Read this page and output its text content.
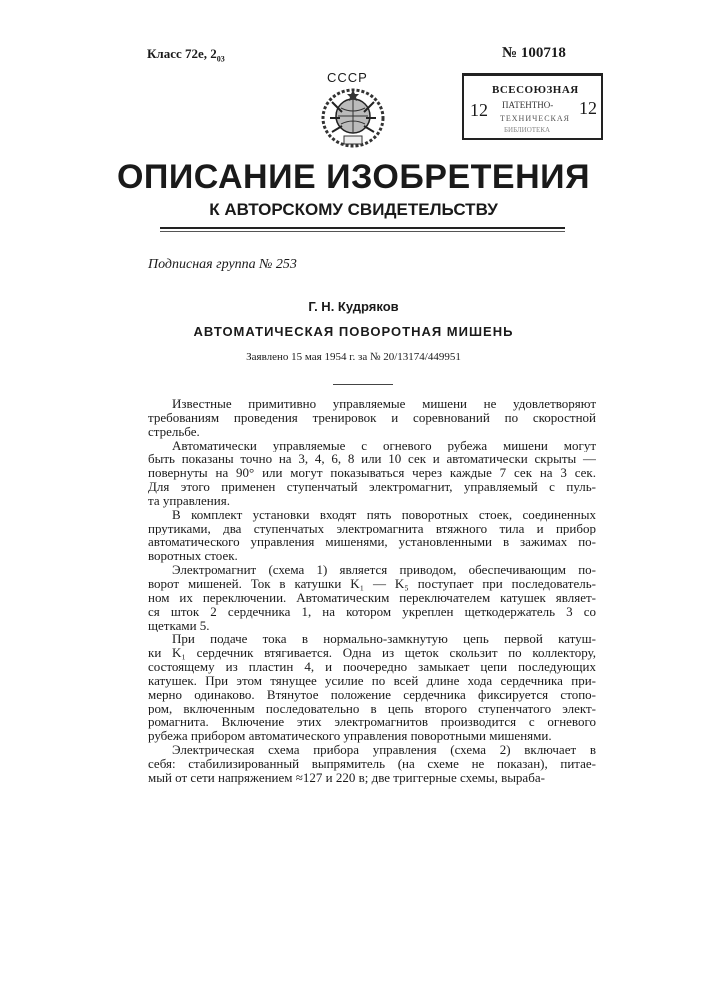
Класс 72е, 203	№ 100718
СССР
ВСЕСОЮЗНАЯ
ПАТЕНТНО-
ТЕХНИЧЕСКАЯ
БИБЛИОТЕКА
12	12
ОПИСАНИЕ ИЗОБРЕТЕНИЯ
К АВТОРСКОМУ СВИДЕТЕЛЬСТВУ
Подписная группа № 253
Г. Н. Кудряков
АВТОМАТИЧЕСКАЯ ПОВОРОТНАЯ МИШЕНЬ
Заявлено 15 мая 1954 г. за № 20/13174/449951
Известные примитивно управляемые мишени не удовлетворяют
требованиям проведения тренировок и соревнований по скоростной
стрельбе.
Автоматически управляемые с огневого рубежа мишени могут
быть показаны точно на 3, 4, 6, 8 или 10 сек и автоматически скрыты —
повернуты на 90° или могут показываться через каждые 7 сек на 3 сек.
Для этого применен ступенчатый электромагнит, управляемый с пуль-
та управления.
В комплект установки входят пять поворотных стоек, соединенных
прутиками, два ступенчатых электромагнита втяжного тила и прибор
автоматического управления мишенями, установленными в зажимах по-
воротных стоек.
Электромагнит (схема 1) является приводом, обеспечивающим по-
ворот мишеней. Ток в катушки K₁ — K₅ поступает при последователь-
ном их переключении. Автоматическим переключателем катушек являет-
ся шток 2 сердечника 1, на котором укреплен щеткодержатель 3 со
щетками 5.
При подаче тока в нормально-замкнутую цепь первой катуш-
ки K₁ сердечник втягивается. Одна из щеток скользит по коллектору,
состоящему из пластин 4, и поочередно замыкает цепи последующих
катушек. При этом тянущее усилие по всей длине хода сердечника при-
мерно одинаково. Втянутое положение сердечника фиксируется стопо-
ром, включенным последовательно в цепь второго ступенчатого элект-
ромагнита. Включение этих электромагнитов производится с огневого
рубежа прибором автоматического управления поворотными мишенями.
Электрическая схема прибора управления (схема 2) включает в
себя: стабилизированный выпрямитель (на схеме не показан), питае-
мый от сети напряжением ≈127 и 220 в; две триггерные схемы, выраба-
